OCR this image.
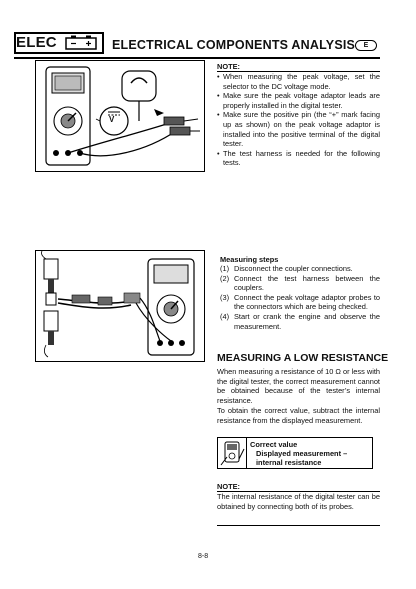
ELEC	ELECTRICAL COMPONENTS ANALYSIS	E
V
NOTE:
• When measuring the peak voltage, set the selector to the DC voltage mode.
• Make sure the peak voltage adaptor leads are properly installed in the digital tester.
• Make sure the positive pin (the “+” mark facing up as shown) on the peak voltage adaptor is installed into the positive terminal of the digital tester.
• The test harness is needed for the following tests.
Measuring steps
(1) Disconnect the coupler connections.
(2) Connect the test harness between the couplers.
(3) Connect the peak voltage adaptor probes to the connectors which are being checked.
(4) Start or crank the engine and observe the measurement.
MEASURING A LOW RESISTANCE
When measuring a resistance of 10 Ω or less with the digital tester, the correct measurement cannot be obtained because of the tester’s internal resistance.
To obtain the correct value, subtract the internal resistance from the displayed measurement.
Correct value
Displayed measurement –
internal resistance
NOTE:
The internal resistance of the digital tester can be obtained by connecting both of its probes.
8-8
